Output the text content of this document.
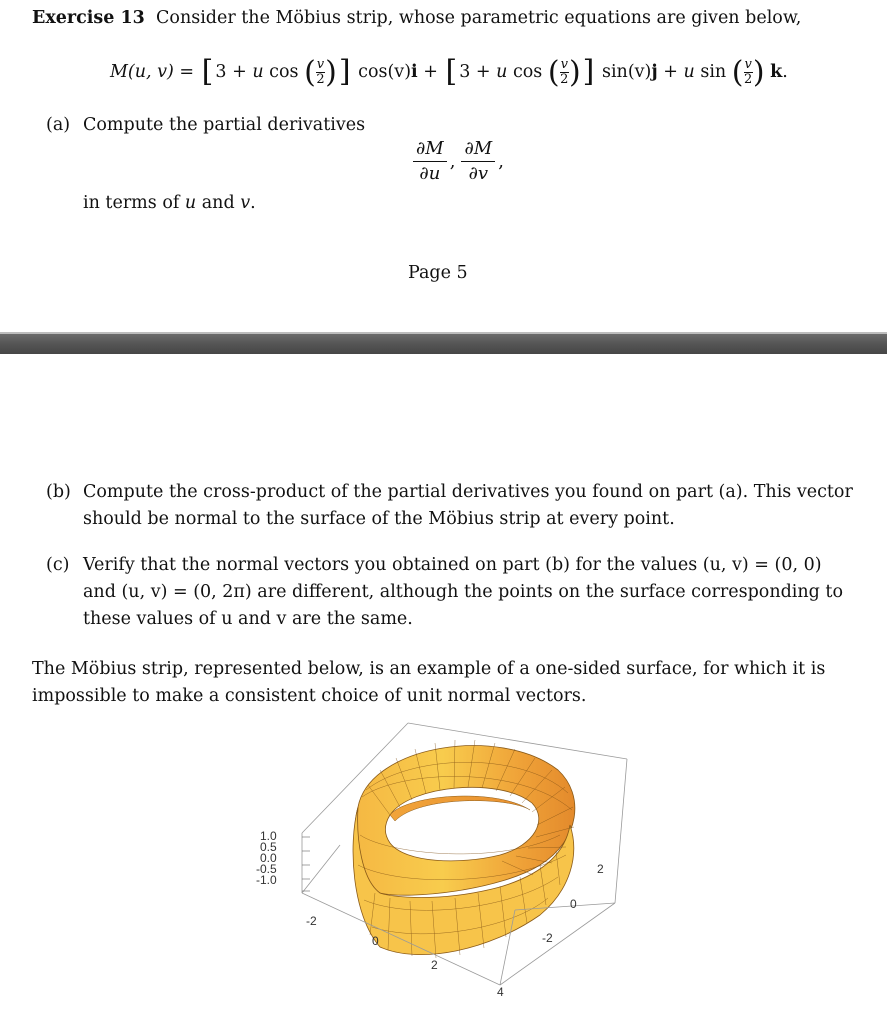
Exercise 13 Consider the Möbius strip, whose parametric equations are given below,
M(u, v) = [ 3 + u cos ( $\frac{v}{2}$ )] cos(v)i + [ 3 + u cos ( $\frac{v}{2}$ )] sin(v)j + u sin ( $\frac{v}{2}$ ) k.
(a) Compute the partial derivatives
$\frac{\partial M}{\partial u}$ , $\frac{\partial M}{\partial v}$ ,
in terms of u and v.
Page 5
(b) Compute the cross-product of the partial derivatives you found on part (a). This vector
should be normal to the surface of the Möbius strip at every point.
(c) Verify that the normal vectors you obtained on part (b) for the values (u, v) = (0, 0)
and (u, v) = (0, 2π) are different, although the points on the surface corresponding to
these values of u and v are the same.
The Möbius strip, represented below, is an example of a one-sided surface, for which it is
impossible to make a consistent choice of unit normal vectors.
1.0
0.5
0.0
-0.5
-1.0
-2
0
2
4
2
0
-2
